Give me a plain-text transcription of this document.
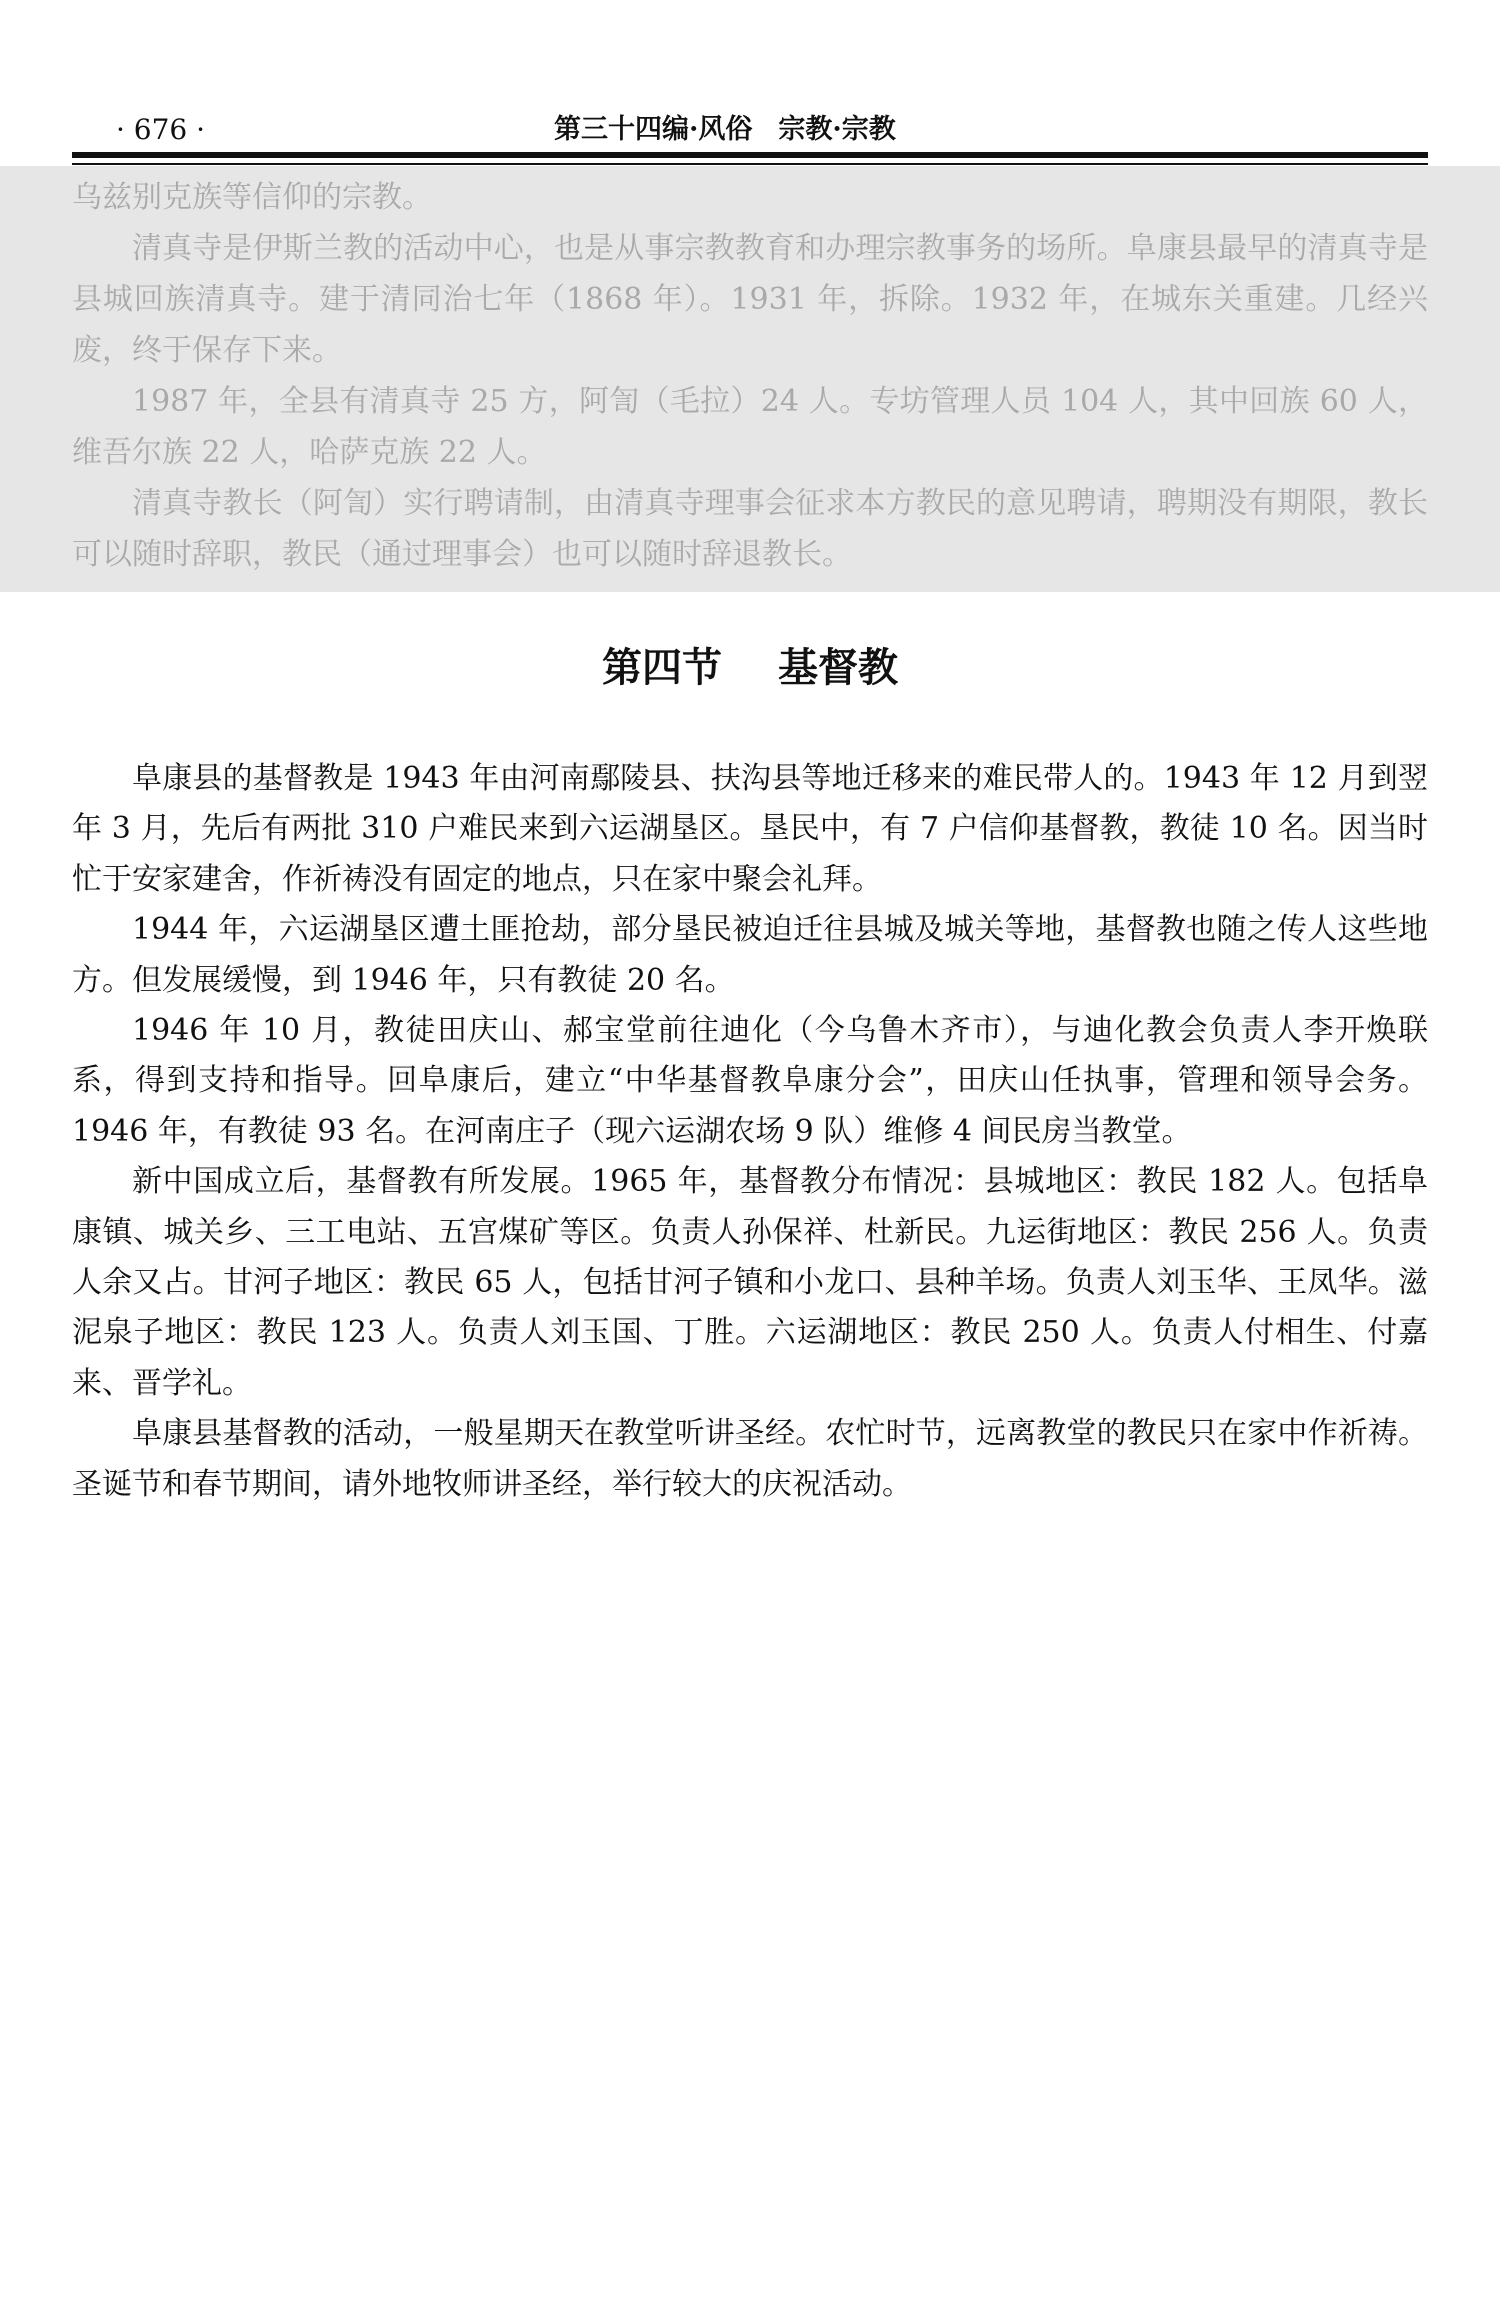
· 676 ·	第三十四编·风俗 宗教·宗教

乌兹别克族等信仰的宗教。

清真寺是伊斯兰教的活动中心，也是从事宗教教育和办理宗教事务的场所。阜康县最早的清真寺是县城回族清真寺。建于清同治七年（1868 年）。1931 年，拆除。1932 年，在城东关重建。几经兴废，终于保存下来。

1987 年，全县有清真寺 25 方，阿訇（毛拉）24 人。专坊管理人员 104 人，其中回族 60 人，维吾尔族 22 人，哈萨克族 22 人。

清真寺教长（阿訇）实行聘请制，由清真寺理事会征求本方教民的意见聘请，聘期没有期限，教长可以随时辞职，教民（通过理事会）也可以随时辞退教长。

第四节 基督教

阜康县的基督教是 1943 年由河南鄢陵县、扶沟县等地迁移来的难民带人的。1943 年 12 月到翌年 3 月，先后有两批 310 户难民来到六运湖垦区。垦民中，有 7 户信仰基督教，教徒 10 名。因当时忙于安家建舍，作祈祷没有固定的地点，只在家中聚会礼拜。

1944 年，六运湖垦区遭土匪抢劫，部分垦民被迫迁往县城及城关等地，基督教也随之传人这些地方。但发展缓慢，到 1946 年，只有教徒 20 名。

1946 年 10 月，教徒田庆山、郝宝堂前往迪化（今乌鲁木齐市），与迪化教会负责人李开焕联系，得到支持和指导。回阜康后，建立“中华基督教阜康分会”，田庆山任执事，管理和领导会务。1946 年，有教徒 93 名。在河南庄子（现六运湖农场 9 队）维修 4 间民房当教堂。

新中国成立后，基督教有所发展。1965 年，基督教分布情况：县城地区：教民 182 人。包括阜康镇、城关乡、三工电站、五宫煤矿等区。负责人孙保祥、杜新民。九运街地区：教民 256 人。负责人余又占。甘河子地区：教民 65 人，包括甘河子镇和小龙口、县种羊场。负责人刘玉华、王凤华。滋泥泉子地区：教民 123 人。负责人刘玉国、丁胜。六运湖地区：教民 250 人。负责人付相生、付嘉来、晋学礼。

阜康县基督教的活动，一般星期天在教堂听讲圣经。农忙时节，远离教堂的教民只在家中作祈祷。圣诞节和春节期间，请外地牧师讲圣经，举行较大的庆祝活动。
